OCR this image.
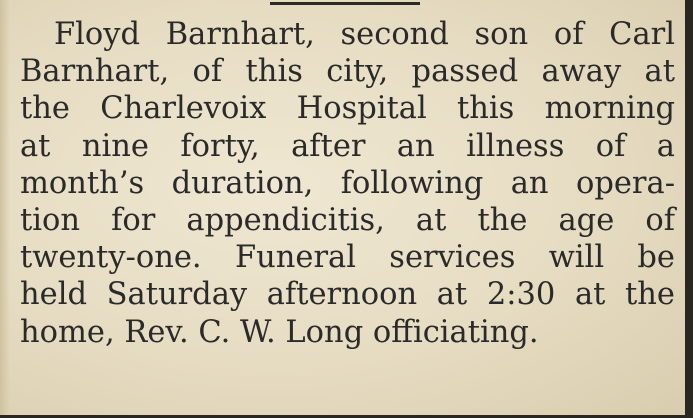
Floyd Barnhart, second son of Carl
Barnhart, of this city, passed away at
the Charlevoix Hospital this morning
at nine forty, after an illness of a
month’s duration, following an opera-
tion for appendicitis, at the age of
twenty-one. Funeral services will be
held Saturday afternoon at 2:30 at the
home, Rev. C. W. Long officiating.
